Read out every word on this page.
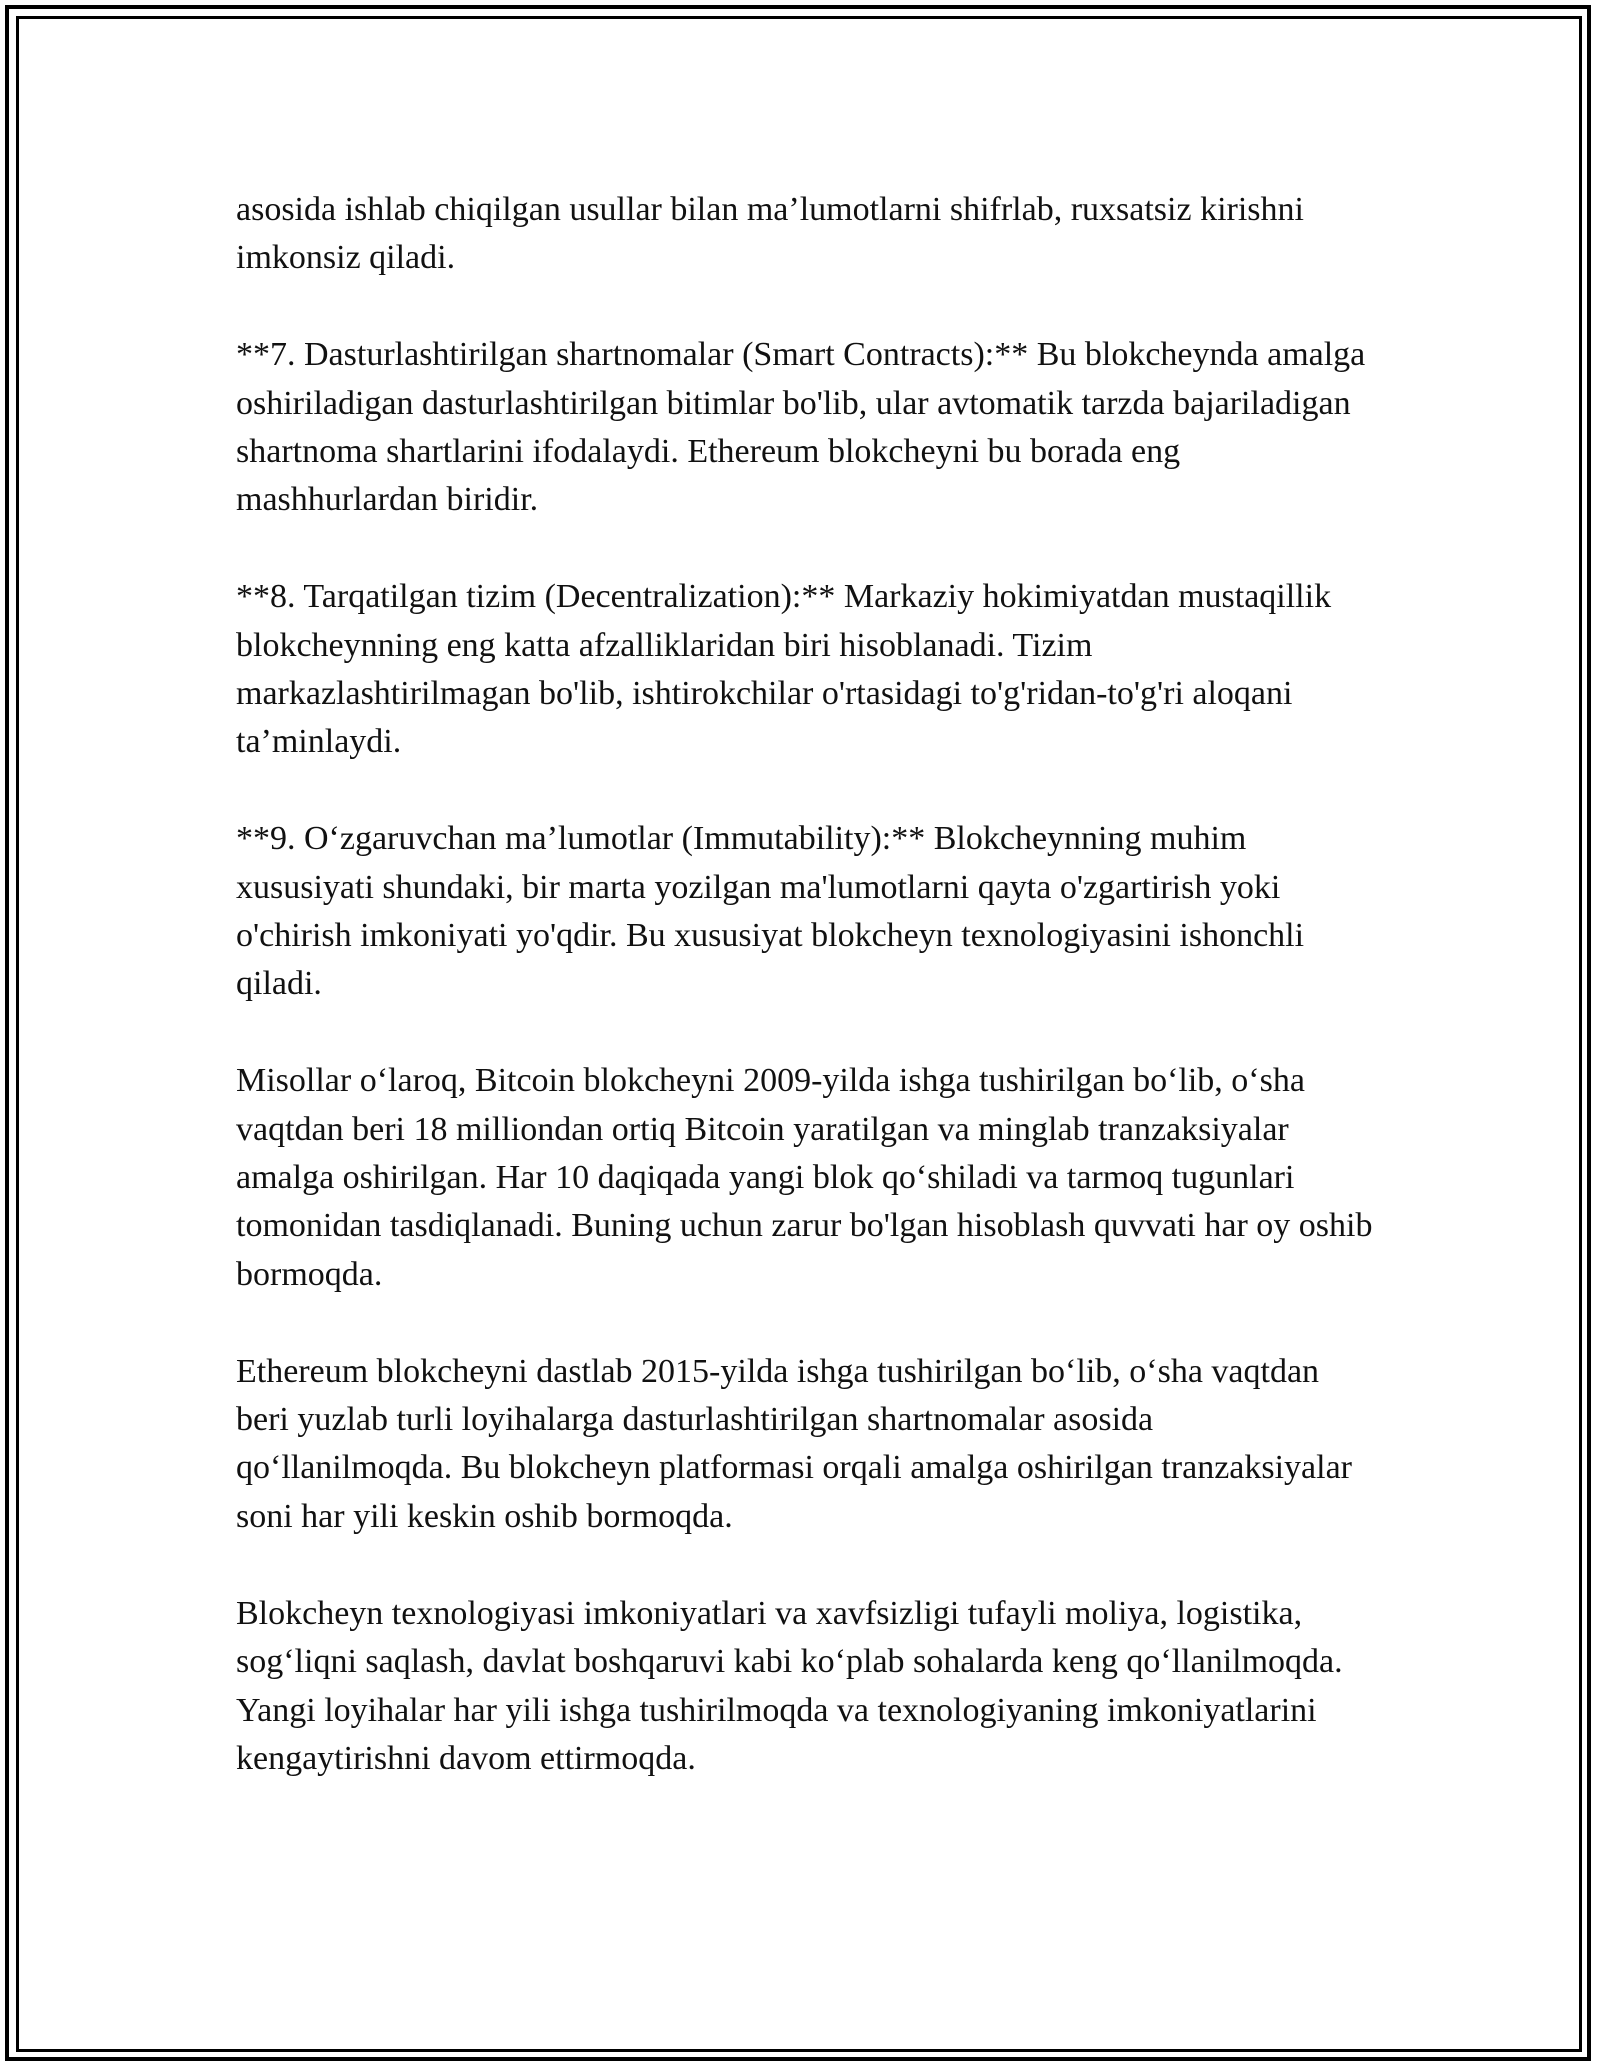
asosida ishlab chiqilgan usullar bilan ma’lumotlarni shifrlab, ruxsatsiz kirishni imkonsiz qiladi.

**7. Dasturlashtirilgan shartnomalar (Smart Contracts):** Bu blokcheynda amalga oshiriladigan dasturlashtirilgan bitimlar bo'lib, ular avtomatik tarzda bajariladigan shartnoma shartlarini ifodalaydi. Ethereum blokcheyni bu borada eng mashhurlardan biridir.

**8. Tarqatilgan tizim (Decentralization):** Markaziy hokimiyatdan mustaqillik blokcheynning eng katta afzalliklaridan biri hisoblanadi. Tizim markazlashtirilmagan bo'lib, ishtirokchilar o'rtasidagi to'g'ridan-to'g'ri aloqani ta’minlaydi.

**9. O‘zgaruvchan ma’lumotlar (Immutability):** Blokcheynning muhim xususiyati shundaki, bir marta yozilgan ma'lumotlarni qayta o'zgartirish yoki o'chirish imkoniyati yo'qdir. Bu xususiyat blokcheyn texnologiyasini ishonchli qiladi.

Misollar o‘laroq, Bitcoin blokcheyni 2009-yilda ishga tushirilgan bo‘lib, o‘sha vaqtdan beri 18 milliondan ortiq Bitcoin yaratilgan va minglab tranzaksiyalar amalga oshirilgan. Har 10 daqiqada yangi blok qo‘shiladi va tarmoq tugunlari tomonidan tasdiqlanadi. Buning uchun zarur bo'lgan hisoblash quvvati har oy oshib bormoqda.

Ethereum blokcheyni dastlab 2015-yilda ishga tushirilgan bo‘lib, o‘sha vaqtdan beri yuzlab turli loyihalarga dasturlashtirilgan shartnomalar asosida qo‘llanilmoqda. Bu blokcheyn platformasi orqali amalga oshirilgan tranzaksiyalar soni har yili keskin oshib bormoqda.

Blokcheyn texnologiyasi imkoniyatlari va xavfsizligi tufayli moliya, logistika, sog‘liqni saqlash, davlat boshqaruvi kabi ko‘plab sohalarda keng qo‘llanilmoqda. Yangi loyihalar har yili ishga tushirilmoqda va texnologiyaning imkoniyatlarini kengaytirishni davom ettirmoqda.
